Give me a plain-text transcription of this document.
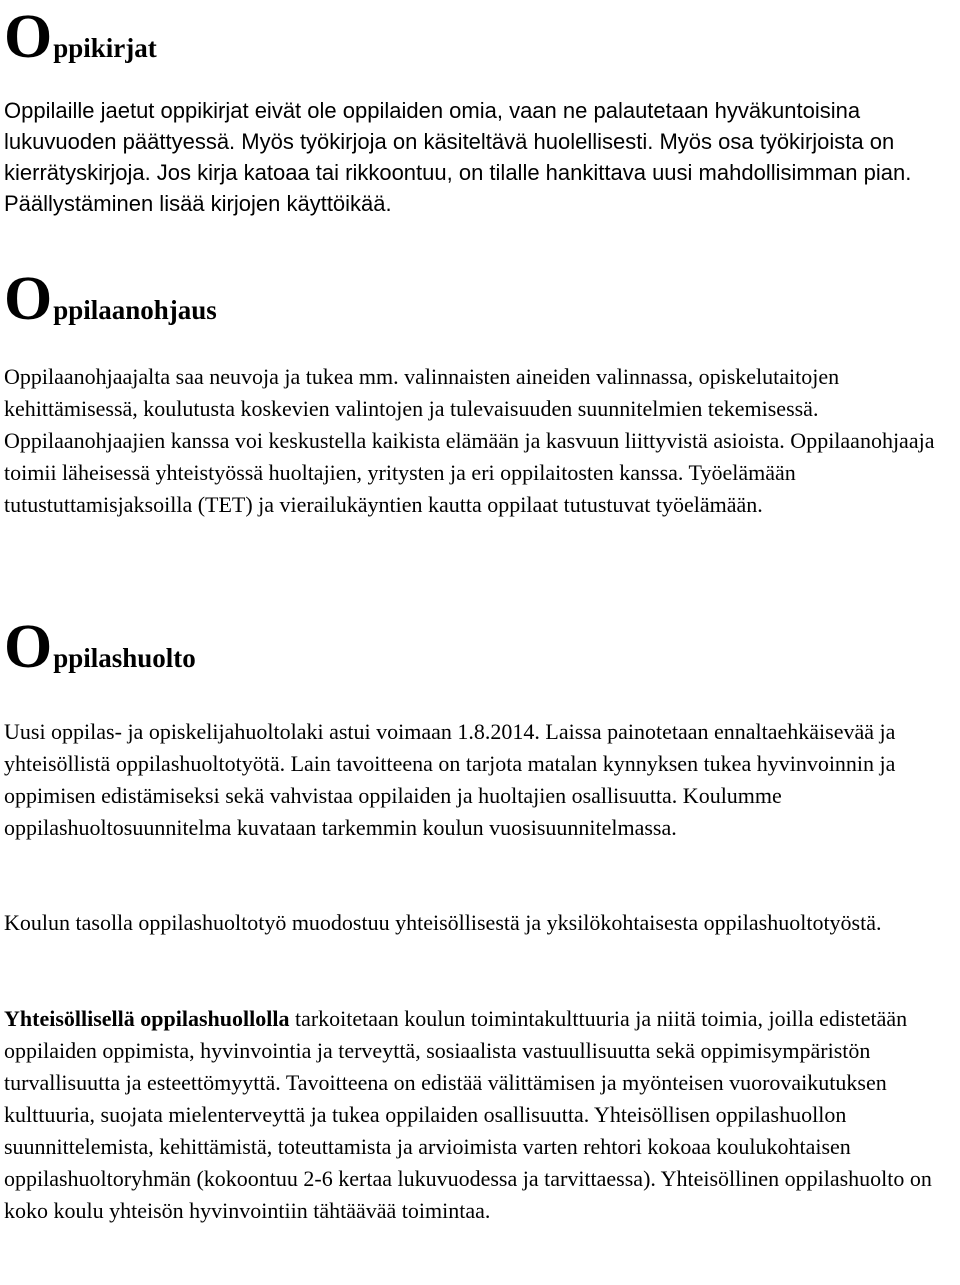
Oppikirjat

Oppilaille jaetut oppikirjat eivät ole oppilaiden omia, vaan ne palautetaan hyväkuntoisina lukuvuoden päättyessä. Myös työkirjoja on käsiteltävä huolellisesti. Myös osa työkirjoista on kierrätyskirjoja. Jos kirja katoaa tai rikkoontuu, on tilalle hankittava uusi mahdollisimman pian. Päällystäminen lisää kirjojen käyttöikää.

Oppilaanohjaus

Oppilaanohjaajalta saa neuvoja ja tukea mm. valinnaisten aineiden valinnassa, opiskelutaitojen kehittämisessä, koulutusta koskevien valintojen ja tulevaisuuden suunnitelmien tekemisessä. Oppilaanohjaajien kanssa voi keskustella kaikista elämään ja kasvuun liittyvistä asioista. Oppilaanohjaaja toimii läheisessä yhteistyössä huoltajien, yritysten ja eri oppilaitosten kanssa. Työelämään tutustuttamisjaksoilla (TET) ja vierailukäyntien kautta oppilaat tutustuvat työelämään.

Oppilashuolto

Uusi oppilas- ja opiskelijahuoltolaki astui voimaan 1.8.2014. Laissa painotetaan ennaltaehkäisevää ja yhteisöllistä oppilashuoltotyötä. Lain tavoitteena on tarjota matalan kynnyksen tukea hyvinvoinnin ja oppimisen edistämiseksi sekä vahvistaa oppilaiden ja huoltajien osallisuutta. Koulumme oppilashuoltosuunnitelma kuvataan tarkemmin koulun vuosisuunnitelmassa.

Koulun tasolla oppilashuoltotyö muodostuu yhteisöllisestä ja yksilökohtaisesta oppilashuoltotyöstä.

Yhteisöllisellä oppilashuollolla tarkoitetaan koulun toimintakulttuuria ja niitä toimia, joilla edistetään oppilaiden oppimista, hyvinvointia ja terveyttä, sosiaalista vastuullisuutta sekä oppimisympäristön turvallisuutta ja esteettömyyttä. Tavoitteena on edistää välittämisen ja myönteisen vuorovaikutuksen kulttuuria, suojata mielenterveyttä ja tukea oppilaiden osallisuutta. Yhteisöllisen oppilashuollon suunnittelemista, kehittämistä, toteuttamista ja arvioimista varten rehtori kokoaa koulukohtaisen oppilashuoltoryhmän (kokoontuu 2-6 kertaa lukuvuodessa ja tarvittaessa). Yhteisöllinen oppilashuolto on koko koulu yhteisön hyvinvointiin tähtäävää toimintaa.
